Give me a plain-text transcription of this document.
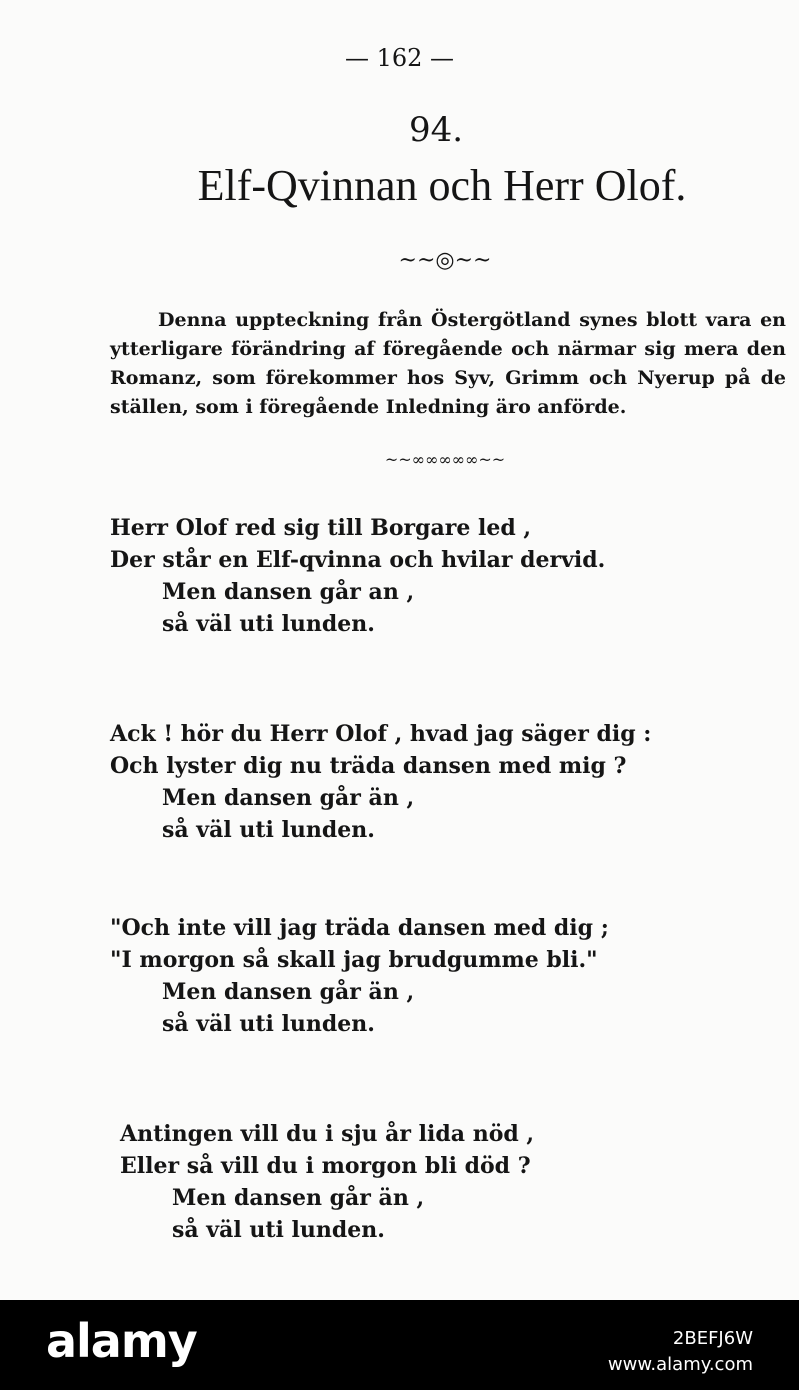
— 162 —
94.
Elf-Qvinnan och Herr Olof.
~~◎~~

Denna uppteckning från Östergötland synes blott vara en ytterligare förändring af föregående och närmar sig mera den Romanz, som förekommer hos Syv, Grimm och Nyerup på de ställen, som i föregående Inledning äro anförde.

~~∞∞∞∞∞~~
Herr Olof red sig till Borgare led ,
Der står en Elf-qvinna och hvilar dervid.
Men dansen går an ,
så väl uti lunden.
Ack ! hör du Herr Olof , hvad jag säger dig :
Och lyster dig nu träda dansen med mig ?
Men dansen går än ,
så väl uti lunden.
"Och inte vill jag träda dansen med dig ;
"I morgon så skall jag brudgumme bli."
Men dansen går än ,
så väl uti lunden.
Antingen vill du i sju år lida nöd ,
Eller så vill du i morgon bli död ?
Men dansen går än ,
så väl uti lunden.
alamy	2BEFJ6W
www.alamy.com
